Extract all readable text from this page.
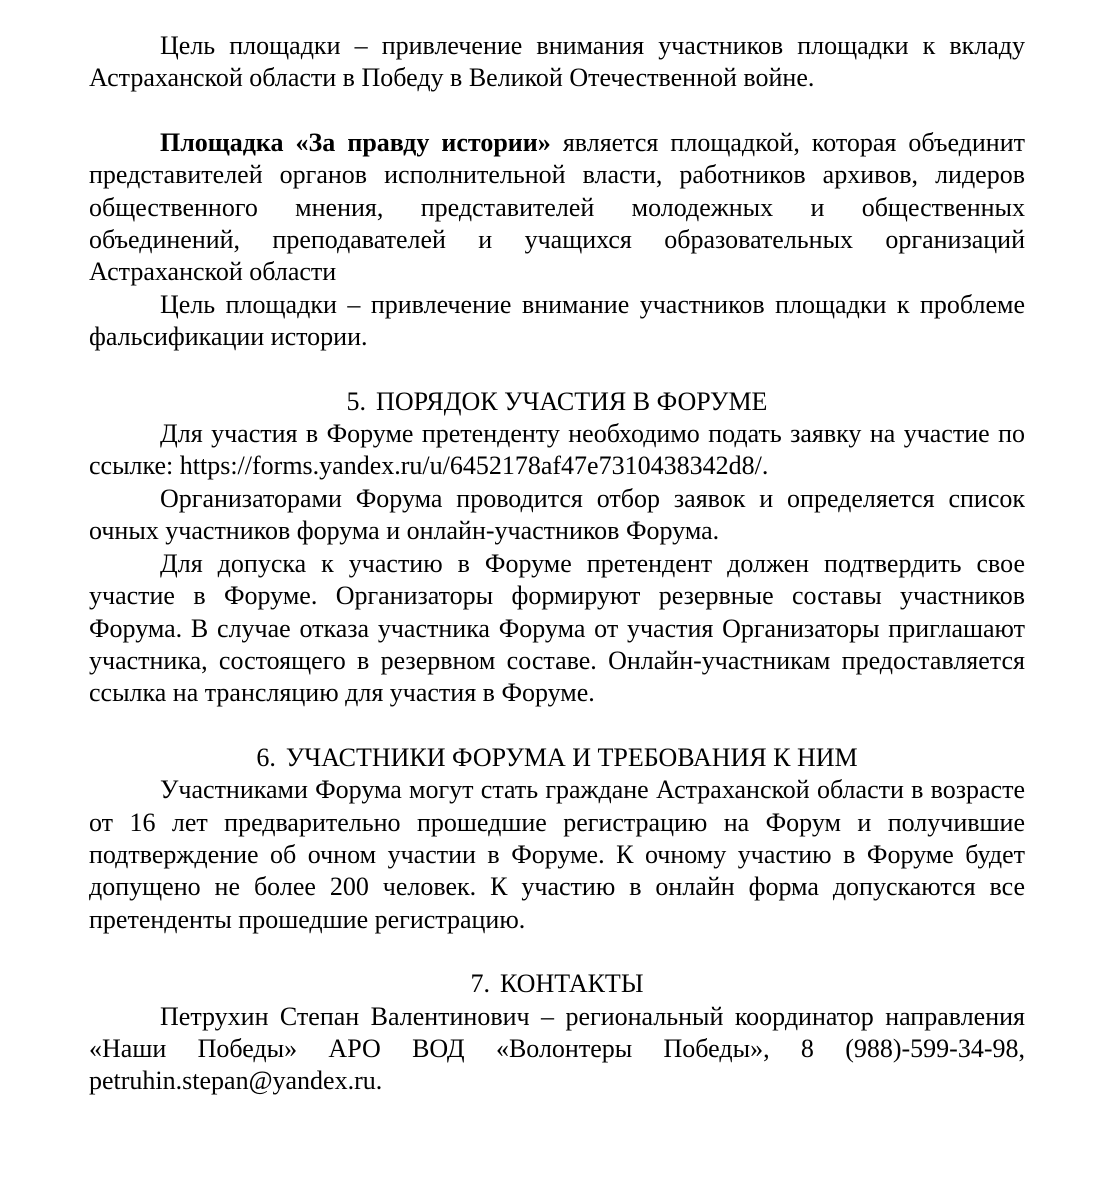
Цель площадки – привлечение внимания участников площадки к вкладу Астраханской области в Победу в Великой Отечественной войне.

Площадка «За правду истории» является площадкой, которая объединит представителей органов исполнительной власти, работников архивов, лидеров общественного мнения, представителей молодежных и общественных объединений, преподавателей и учащихся образовательных организаций Астраханской области

Цель площадки – привлечение внимание участников площадки к проблеме фальсификации истории.

5. ПОРЯДОК УЧАСТИЯ В ФОРУМЕ

Для участия в Форуме претенденту необходимо подать заявку на участие по ссылке: https://forms.yandex.ru/u/6452178af47e7310438342d8/.

Организаторами Форума проводится отбор заявок и определяется список очных участников форума и онлайн-участников Форума.

Для допуска к участию в Форуме претендент должен подтвердить свое участие в Форуме. Организаторы формируют резервные составы участников Форума. В случае отказа участника Форума от участия Организаторы приглашают участника, состоящего в резервном составе. Онлайн-участникам предоставляется ссылка на трансляцию для участия в Форуме.

6. УЧАСТНИКИ ФОРУМА И ТРЕБОВАНИЯ К НИМ

Участниками Форума могут стать граждане Астраханской области в возрасте от 16 лет предварительно прошедшие регистрацию на Форум и получившие подтверждение об очном участии в Форуме. К очному участию в Форуме будет допущено не более 200 человек. К участию в онлайн форма допускаются все претенденты прошедшие регистрацию.

7. КОНТАКТЫ

Петрухин Степан Валентинович – региональный координатор направления «Наши Победы» АРО ВОД «Волонтеры Победы», 8 (988)-599-34-98, petruhin.stepan@yandex.ru.
